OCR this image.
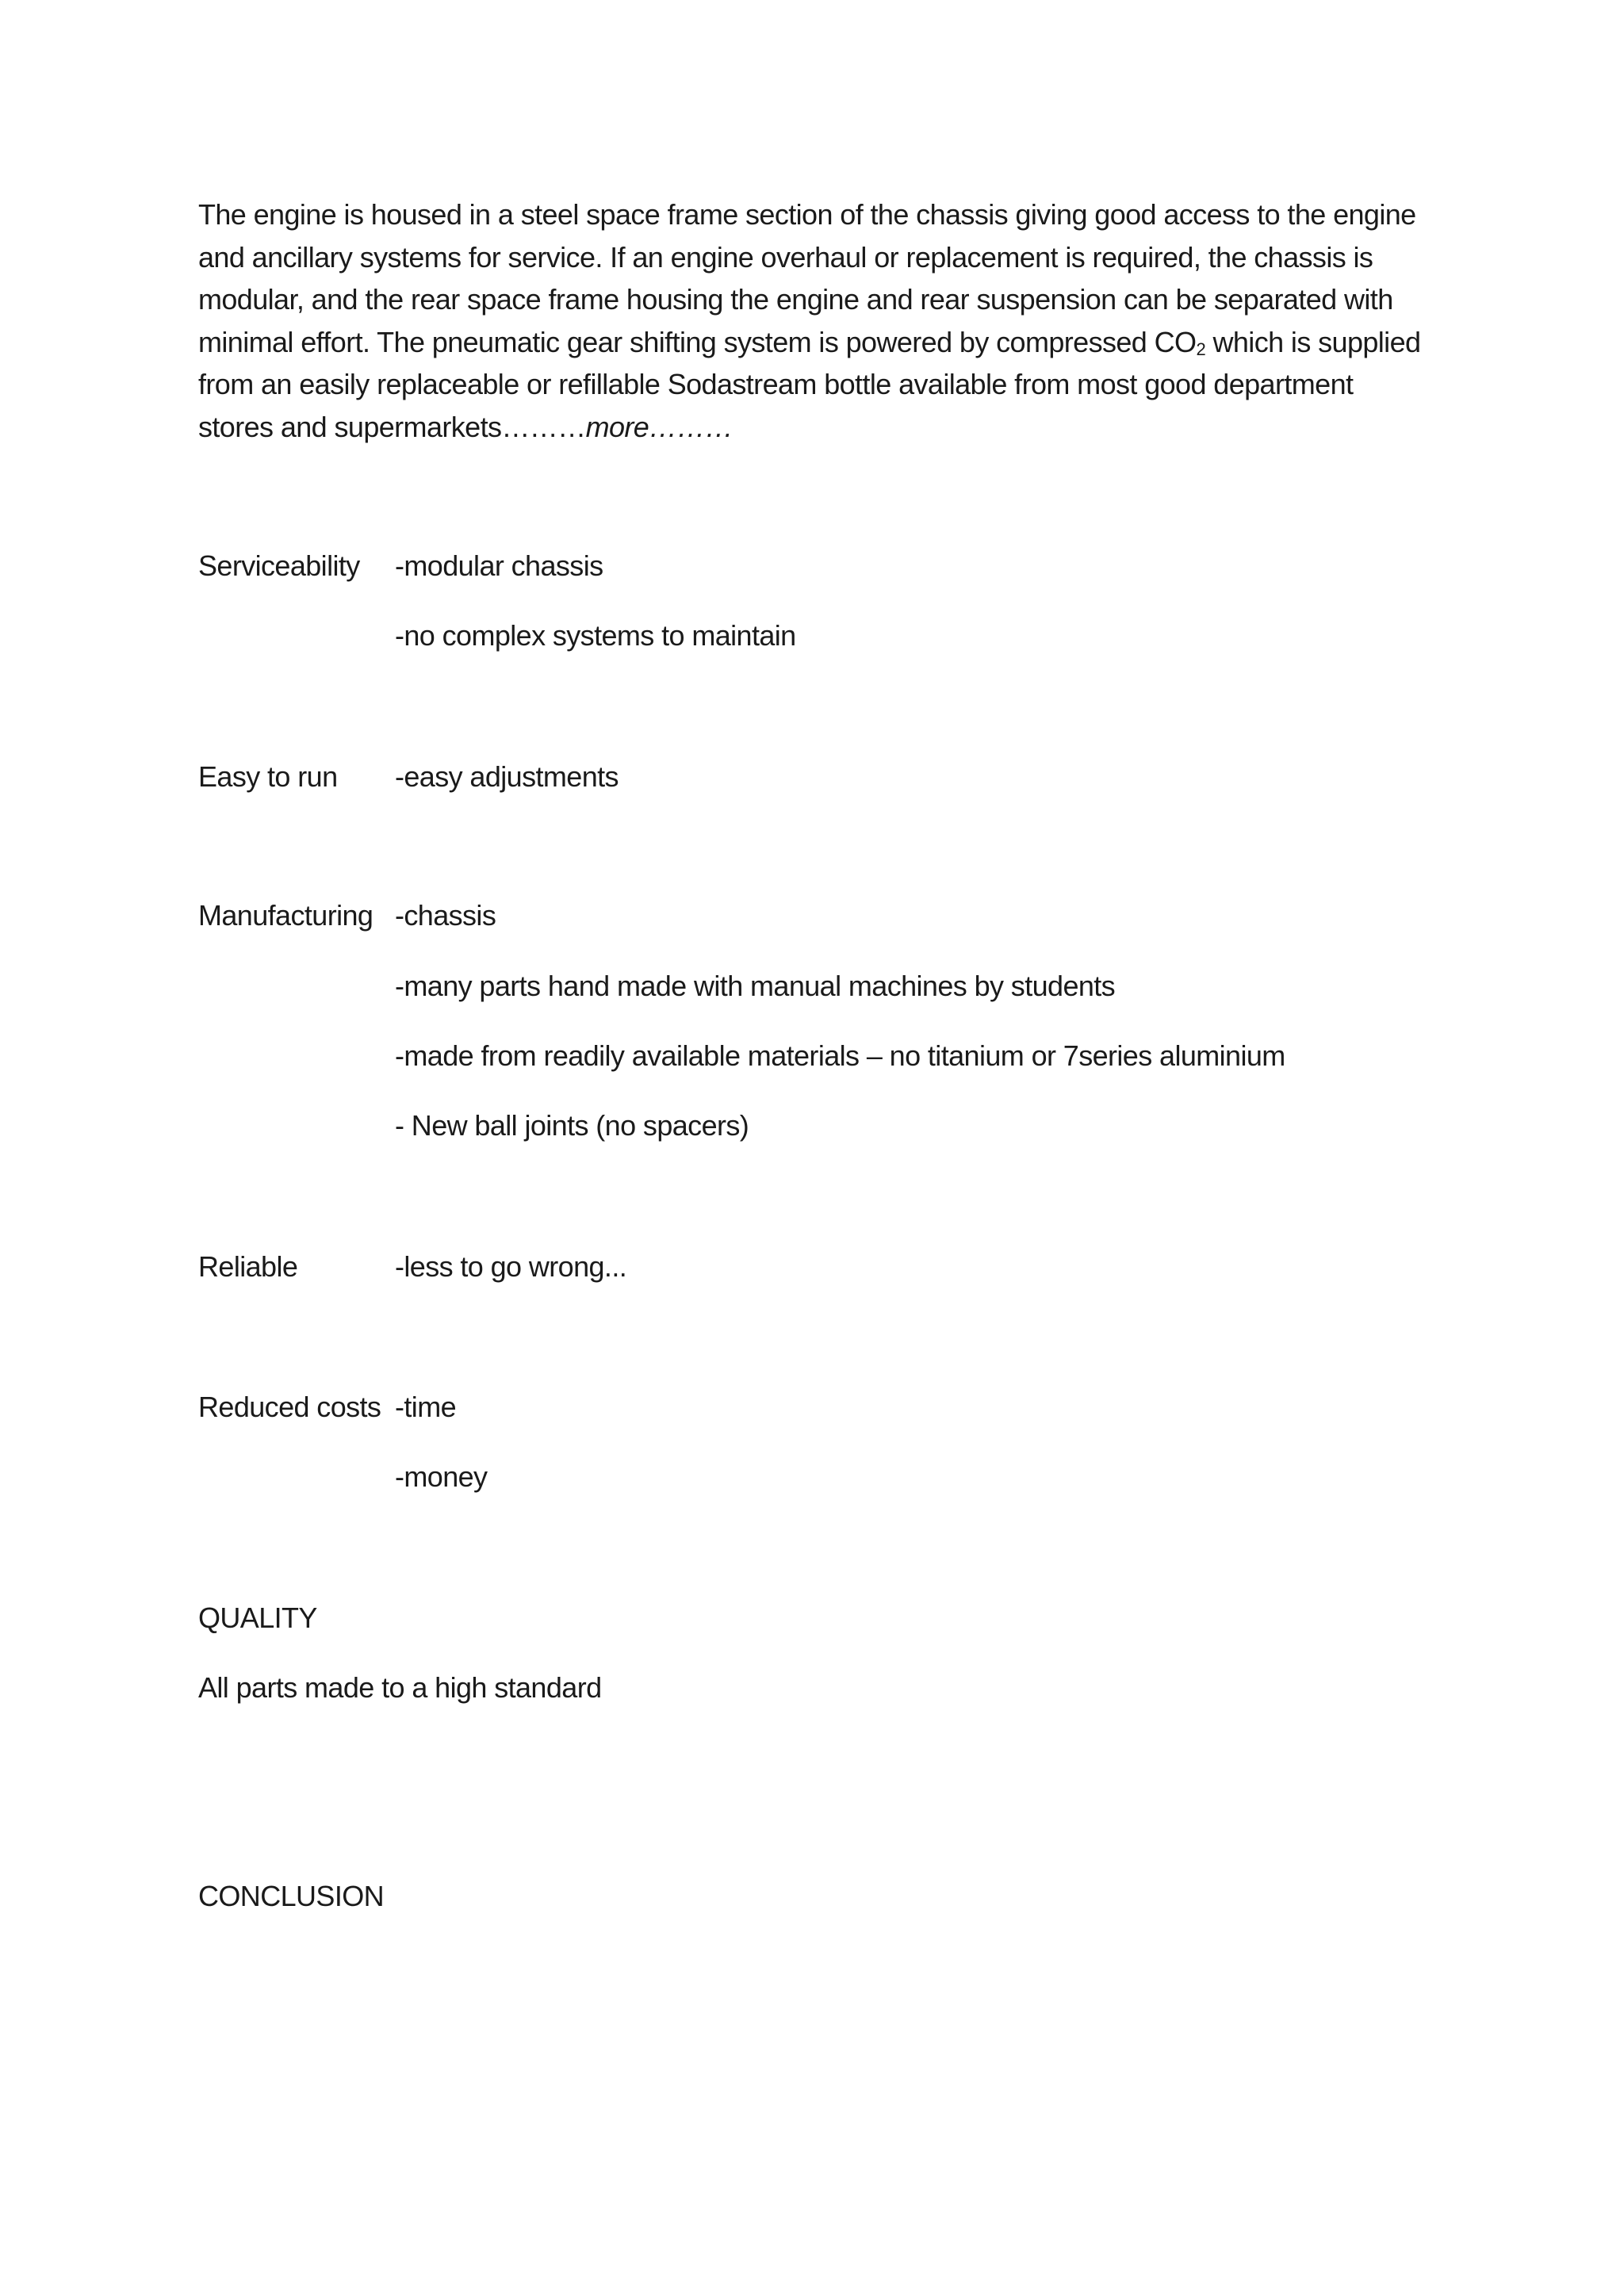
The engine is housed in a steel space frame section of the chassis giving good access to the engine
and ancillary systems for service. If an engine overhaul or replacement is required, the chassis is
modular, and the rear space frame housing the engine and rear suspension can be separated with
minimal effort. The pneumatic gear shifting system is powered by compressed $CO_2$ which is supplied
from an easily replaceable or refillable Sodastream bottle available from most good department
stores and supermarkets………more………
Serviceability -modular chassis
-no complex systems to maintain
Easy to run -easy adjustments
Manufacturing -chassis
-many parts hand made with manual machines by students
-made from readily available materials – no titanium or 7series aluminium
- New ball joints (no spacers)
Reliable	-less to go wrong...
Reduced costs -time
-money
QUALITY
All parts made to a high standard
CONCLUSION
